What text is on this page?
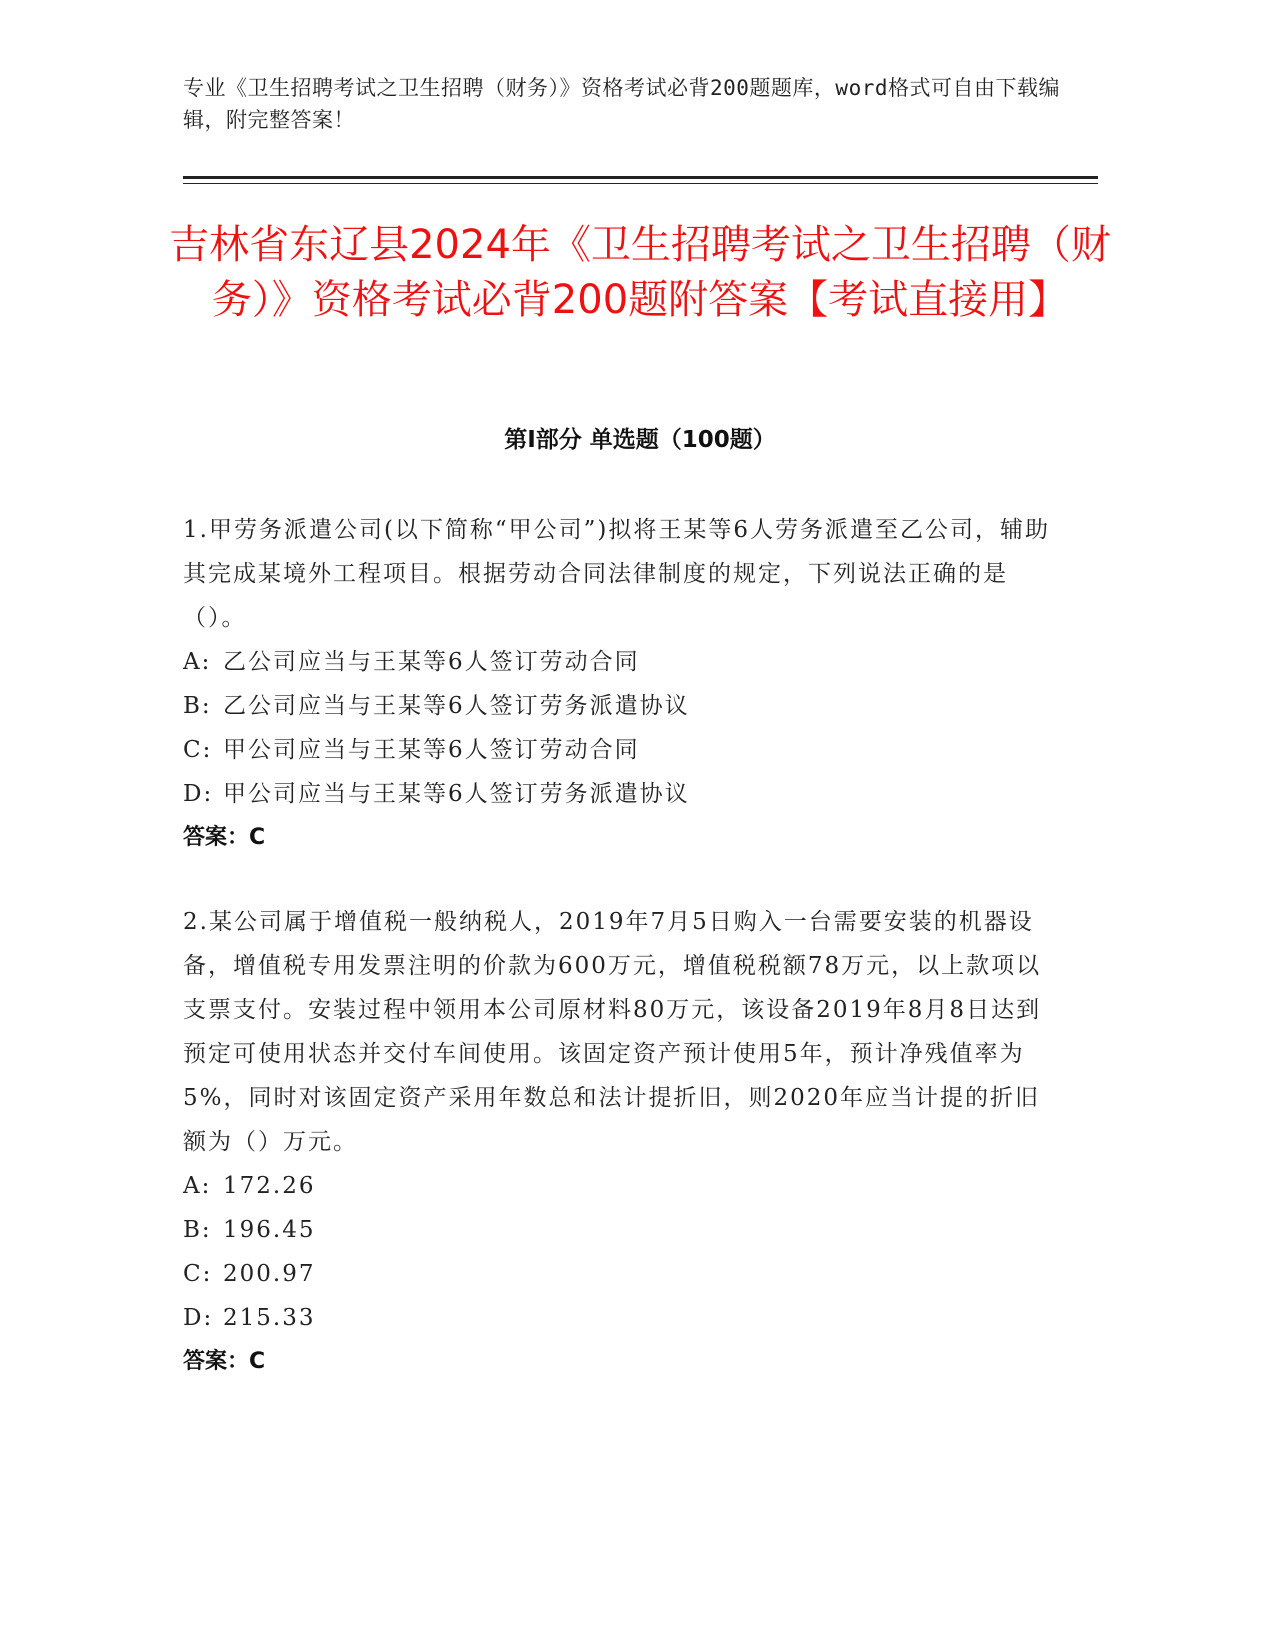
专业《卫生招聘考试之卫生招聘（财务）》资格考试必背200题题库，word格式可自由下载编辑，附完整答案！
吉林省东辽县2024年《卫生招聘考试之卫生招聘（财务）》资格考试必背200题附答案【考试直接用】
第Ⅰ部分 单选题（100题）

1.甲劳务派遣公司(以下简称“甲公司”)拟将王某等6人劳务派遣至乙公司，辅助其完成某境外工程项目。根据劳动合同法律制度的规定，下列说法正确的是（）。

A: 乙公司应当与王某等6人签订劳动合同
B: 乙公司应当与王某等6人签订劳务派遣协议
C: 甲公司应当与王某等6人签订劳动合同
D: 甲公司应当与王某等6人签订劳务派遣协议
答案：C

2.某公司属于增值税一般纳税人，2019年7月5日购入一台需要安装的机器设备，增值税专用发票注明的价款为600万元，增值税税额78万元，以上款项以支票支付。安装过程中领用本公司原材料80万元，该设备2019年8月8日达到预定可使用状态并交付车间使用。该固定资产预计使用5年，预计净残值率为5%，同时对该固定资产采用年数总和法计提折旧，则2020年应当计提的折旧额为（）万元。

A: 172.26
B: 196.45
C: 200.97
D: 215.33
答案：C
